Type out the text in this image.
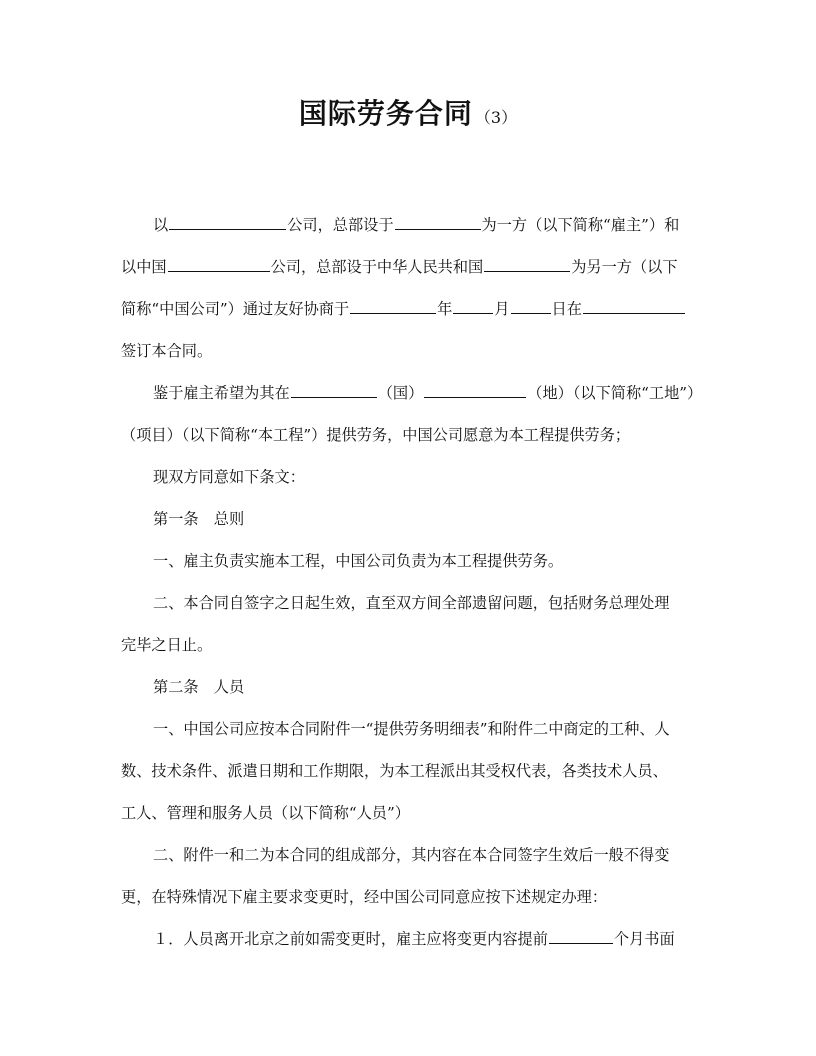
国际劳务合同 （3）
以	公司，总部设于	为一方（以下简称“雇主”）和
以中国	公司，总部设于中华人民共和国	为另一方（以下
简称“中国公司”）通过友好协商于	年	月	日在
签订本合同。
鉴于雇主希望为其在	（国）	（地）（以下简称“工地”）
（项目）（以下简称“本工程”）提供劳务，中国公司愿意为本工程提供劳务；
现双方同意如下条文：
第一条　总则
一、雇主负责实施本工程，中国公司负责为本工程提供劳务。
二、本合同自签字之日起生效，直至双方间全部遗留问题，包括财务总理处理
完毕之日止。
第二条　人员
一、中国公司应按本合同附件一“提供劳务明细表”和附件二中商定的工种、人
数、技术条件、派遣日期和工作期限，为本工程派出其受权代表，各类技术人员、
工人、管理和服务人员（以下简称“人员”）
二、附件一和二为本合同的组成部分，其内容在本合同签字生效后一般不得变
更，在特殊情况下雇主要求变更时，经中国公司同意应按下述规定办理：
１．人员离开北京之前如需变更时，雇主应将变更内容提前	个月书面
